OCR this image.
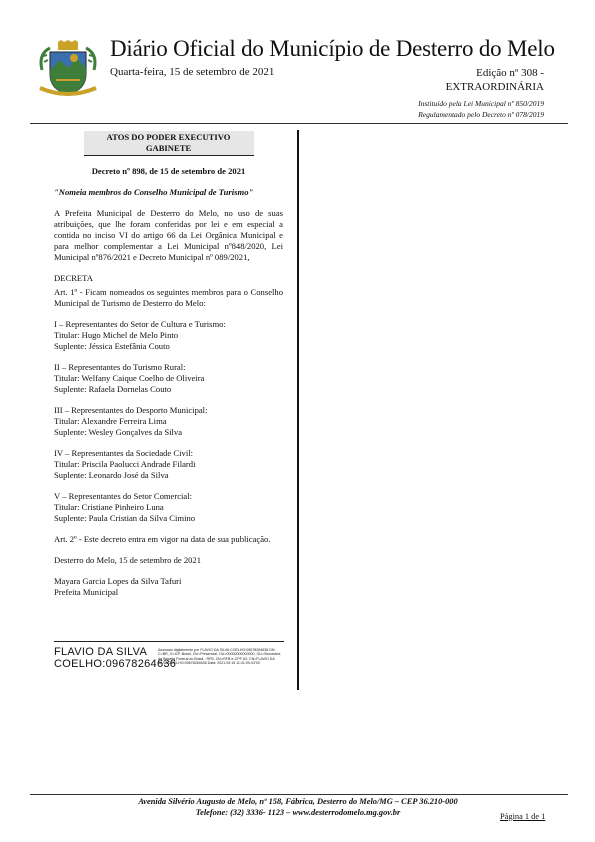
Diário Oficial do Município de Desterro do Melo
Quarta-feira, 15 de setembro de 2021	Edição nº 308 -
EXTRAORDINÁRIA
Instituído pela Lei Municipal nº 850/2019
Regulamentado pelo Decreto nº 078/2019
ATOS DO PODER EXECUTIVO
GABINETE

Decreto nº 898, de 15 de setembro de 2021

"Nomeia membros do Conselho Municipal de Turismo"

A Prefeita Municipal de Desterro do Melo, no uso de suas atribuições, que lhe foram conferidas por lei e em especial a contida no inciso VI do artigo 66 da Lei Orgânica Municipal e para melhor complementar a Lei Municipal nº848/2020, Lei Municipal nº876/2021 e Decreto Municipal nº 089/2021,

DECRETA

Art. 1º - Ficam nomeados os seguintes membros para o Conselho Municipal de Turismo de Desterro do Melo:

I – Representantes do Setor de Cultura e Turismo:

Titular: Hugo Michel de Melo Pinto

Suplente: Jéssica Estefânia Couto

II – Representantes do Turismo Rural:

Titular: Welfany Caique Coelho de Oliveira

Suplente: Rafaela Dornelas Couto

III – Representantes do Desporto Municipal:

Titular: Alexandre Ferreira Lima

Suplente: Wesley Gonçalves da Silva

IV – Representantes da Sociedade Civil:

Titular: Priscila Paolucci Andrade Filardi

Suplente: Leonardo José da Silva

V – Representantes do Setor Comercial:

Titular: Cristiane Pinheiro Luna

Suplente: Paula Cristian da Silva Cimino

Art. 2º - Este decreto entra em vigor na data de sua publicação.

Desterro do Melo, 15 de setembro de 2021

Mayara Garcia Lopes da Silva Tafuri
Prefeita Municipal
FLAVIO DA SILVA
COELHO:09678264636
Assinado digitalmente por FLAVIO DA SILVA COELHO:09678264636 DN: C=BR, O=ICP-Brasil, OU=Presencial, OU=00000000000000, OU=Secretaria da Receita Federal do Brasil - RFB, OU=RFB e-CPF A3, CN=FLAVIO DA SILVA COELHO:09678264636 Data: 2021.09.15 11:41:09-03'00'
Avenida Silvério Augusto de Melo, nº 158, Fábrica, Desterro do Melo/MG – CEP 36.210-000
Telefone: (32) 3336- 1123 – www.desterrodomelo.mg.gov.br	Página 1 de 1
